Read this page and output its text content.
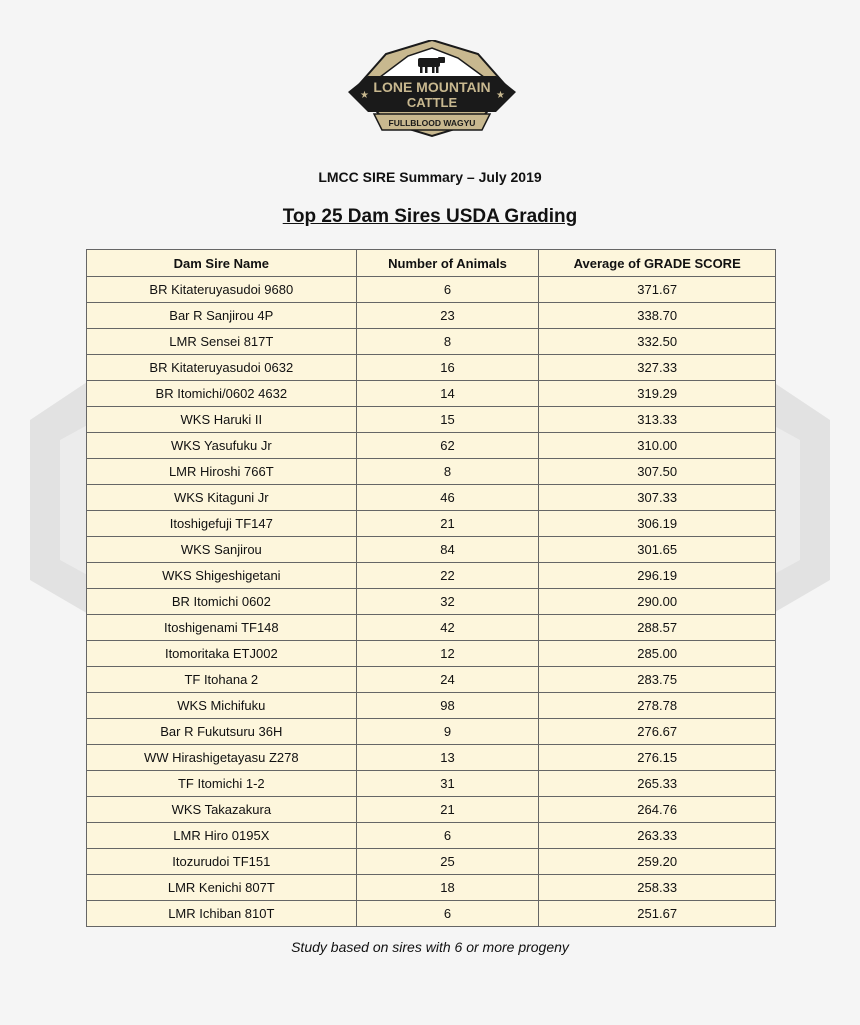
LONE MOUNTAIN
CATTLE
★	★
FULLBLOOD WAGYU
LMCC SIRE Summary – July 2019
Top 25 Dam Sires USDA Grading
Dam Sire Name	Number of Animals	Average of GRADE SCORE
BR Kitateruyasudoi 9680	6	371.67
Bar R Sanjirou 4P	23	338.70
LMR Sensei 817T	8	332.50
BR Kitateruyasudoi 0632	16	327.33
BR Itomichi/0602 4632	14	319.29
WKS Haruki II	15	313.33
WKS Yasufuku Jr	62	310.00
LMR Hiroshi 766T	8	307.50
WKS Kitaguni Jr	46	307.33
Itoshigefuji TF147	21	306.19
WKS Sanjirou	84	301.65
WKS Shigeshigetani	22	296.19
BR Itomichi 0602	32	290.00
Itoshigenami TF148	42	288.57
Itomoritaka ETJ002	12	285.00
TF Itohana 2	24	283.75
WKS Michifuku	98	278.78
Bar R Fukutsuru 36H	9	276.67
WW Hirashigetayasu Z278	13	276.15
TF Itomichi 1-2	31	265.33
WKS Takazakura	21	264.76
LMR Hiro 0195X	6	263.33
Itozurudoi TF151	25	259.20
LMR Kenichi 807T	18	258.33
LMR Ichiban 810T	6	251.67
Study based on sires with 6 or more progeny
